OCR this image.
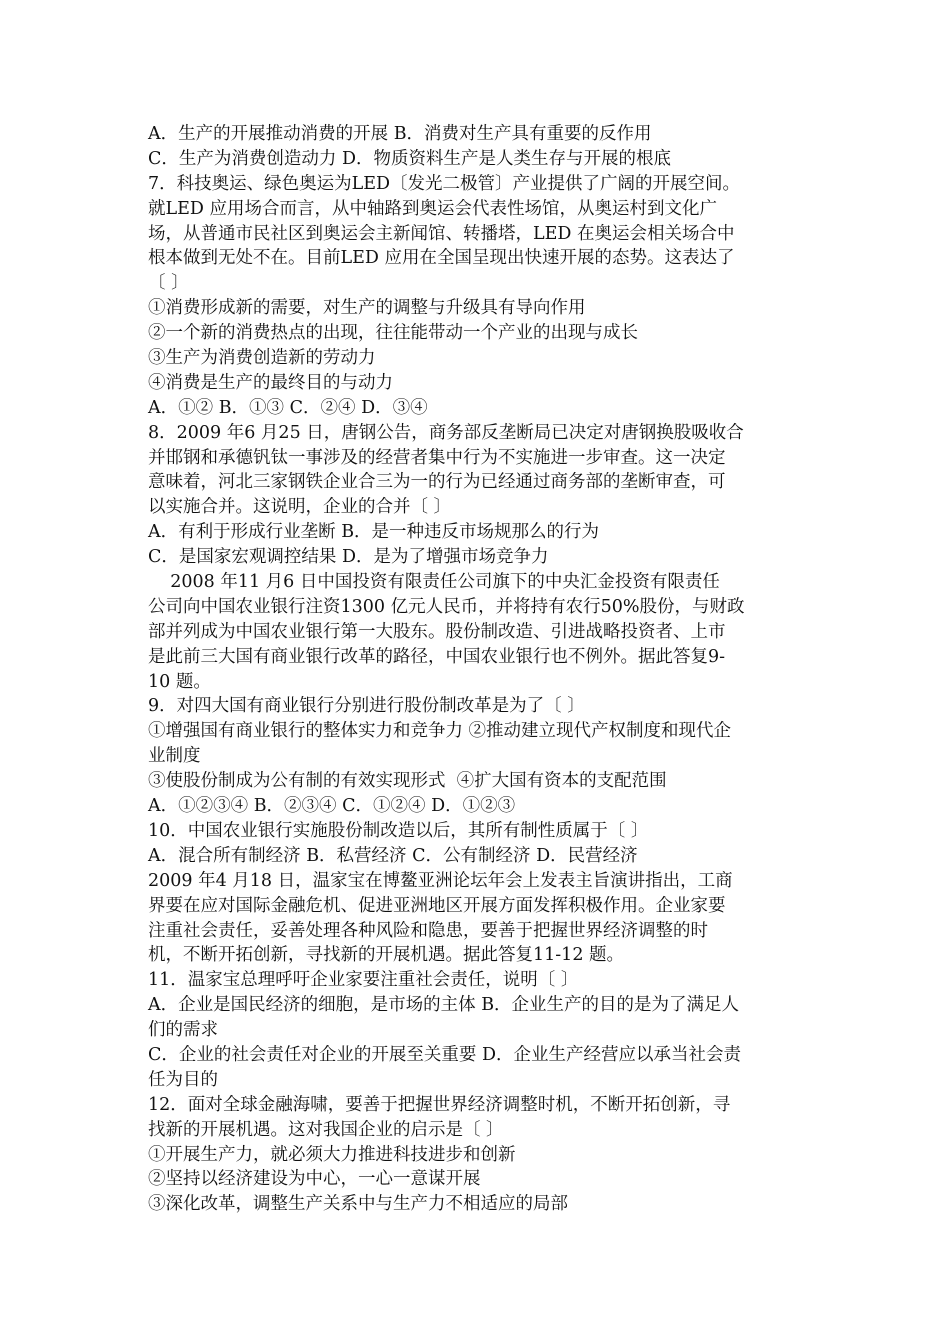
A．生产的开展推动消费的开展 B．消费对生产具有重要的反作用
C．生产为消费创造动力 D．物质资料生产是人类生存与开展的根底
7．科技奥运、绿色奥运为LED〔发光二极管〕产业提供了广阔的开展空间。
就LED 应用场合而言，从中轴路到奥运会代表性场馆，从奥运村到文化广
场，从普通市民社区到奥运会主新闻馆、转播塔，LED 在奥运会相关场合中
根本做到无处不在。目前LED 应用在全国呈现出快速开展的态势。这表达了
〔 〕
①消费形成新的需要，对生产的调整与升级具有导向作用
②一个新的消费热点的出现，往往能带动一个产业的出现与成长
③生产为消费创造新的劳动力
④消费是生产的最终目的与动力
A．①② B．①③ C．②④ D．③④
8．2009 年6 月25 日，唐钢公告，商务部反垄断局已决定对唐钢换股吸收合
并邯钢和承德钒钛一事涉及的经营者集中行为不实施进一步审查。这一决定
意味着，河北三家钢铁企业合三为一的行为已经通过商务部的垄断审查，可
以实施合并。这说明，企业的合并〔 〕
A．有利于形成行业垄断 B．是一种违反市场规那么的行为
C．是国家宏观调控结果 D．是为了增强市场竞争力
2008 年11 月6 日中国投资有限责任公司旗下的中央汇金投资有限责任
公司向中国农业银行注资1300 亿元人民币，并将持有农行50%股份，与财政
部并列成为中国农业银行第一大股东。股份制改造、引进战略投资者、上市
是此前三大国有商业银行改革的路径，中国农业银行也不例外。据此答复9-
10 题。
9．对四大国有商业银行分别进行股份制改革是为了〔 〕
①增强国有商业银行的整体实力和竞争力 ②推动建立现代产权制度和现代企
业制度
③使股份制成为公有制的有效实现形式  ④扩大国有资本的支配范围
A．①②③④ B．②③④ C．①②④ D．①②③
10．中国农业银行实施股份制改造以后，其所有制性质属于〔 〕
A．混合所有制经济 B．私营经济 C．公有制经济 D．民营经济
2009 年4 月18 日，温家宝在博鳌亚洲论坛年会上发表主旨演讲指出，工商
界要在应对国际金融危机、促进亚洲地区开展方面发挥积极作用。企业家要
注重社会责任，妥善处理各种风险和隐患，要善于把握世界经济调整的时
机，不断开拓创新，寻找新的开展机遇。据此答复11-12 题。
11．温家宝总理呼吁企业家要注重社会责任，说明〔 〕
A．企业是国民经济的细胞，是市场的主体 B．企业生产的目的是为了满足人
们的需求
C．企业的社会责任对企业的开展至关重要 D．企业生产经营应以承当社会责
任为目的
12．面对全球金融海啸，要善于把握世界经济调整时机，不断开拓创新，寻
找新的开展机遇。这对我国企业的启示是〔 〕
①开展生产力，就必须大力推进科技进步和创新
②坚持以经济建设为中心，一心一意谋开展
③深化改革，调整生产关系中与生产力不相适应的局部
